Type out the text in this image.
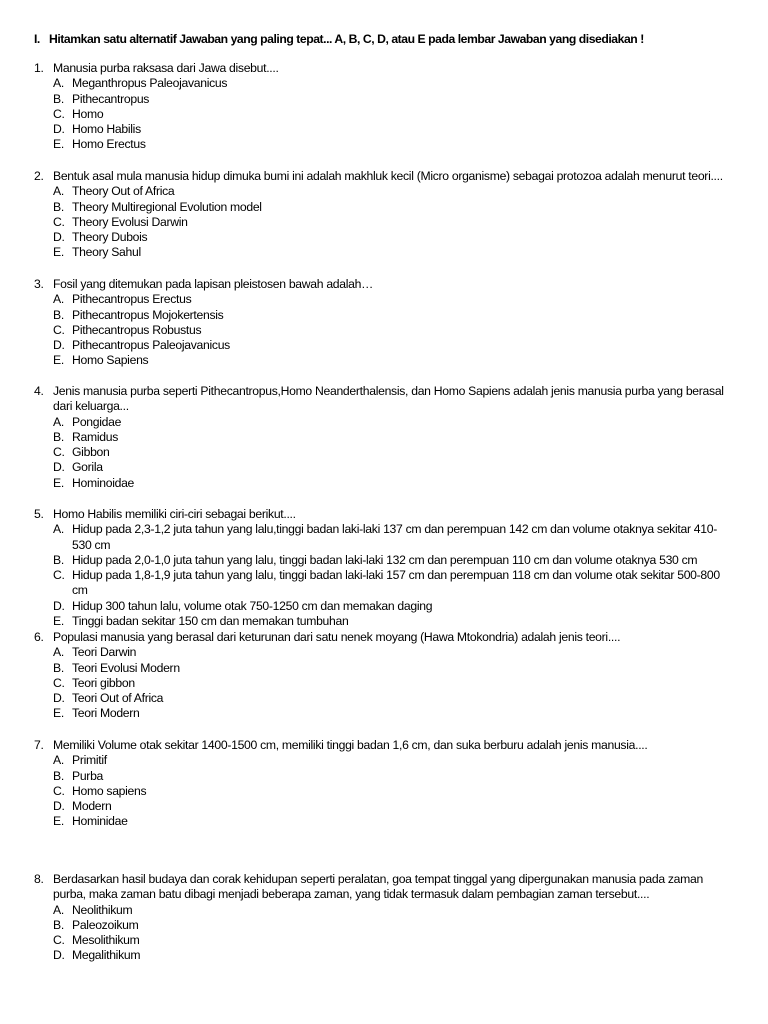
I. Hitamkan satu alternatif Jawaban yang paling tepat... A, B, C, D, atau E pada lembar Jawaban yang disediakan !
1. Manusia purba raksasa dari Jawa disebut....
A. Meganthropus Paleojavanicus
B. Pithecantropus
C. Homo
D. Homo Habilis
E. Homo Erectus
2. Bentuk asal mula manusia hidup dimuka bumi ini adalah makhluk kecil (Micro organisme) sebagai protozoa adalah menurut teori....
A. Theory Out of Africa
B. Theory Multiregional Evolution model
C. Theory Evolusi Darwin
D. Theory Dubois
E. Theory Sahul
3. Fosil yang ditemukan pada lapisan pleistosen bawah adalah…
A. Pithecantropus Erectus
B. Pithecantropus Mojokertensis
C. Pithecantropus Robustus
D. Pithecantropus Paleojavanicus
E. Homo Sapiens
4. Jenis manusia purba seperti Pithecantropus,Homo Neanderthalensis, dan Homo Sapiens adalah jenis manusia purba yang berasal dari keluarga...
A. Pongidae
B. Ramidus
C. Gibbon
D. Gorila
E. Hominoidae
5. Homo Habilis memiliki ciri-ciri sebagai berikut....
A. Hidup pada 2,3-1,2 juta tahun yang lalu,tinggi badan laki-laki 137 cm dan perempuan 142 cm dan volume otaknya sekitar 410-530 cm
B. Hidup pada 2,0-1,0 juta tahun yang lalu, tinggi badan laki-laki 132 cm dan perempuan 110 cm dan volume otaknya 530 cm
C. Hidup pada 1,8-1,9 juta tahun yang lalu, tinggi badan laki-laki 157 cm dan perempuan 118 cm dan volume otak sekitar 500-800 cm
D. Hidup 300 tahun lalu, volume otak 750-1250 cm dan memakan daging
E. Tinggi badan sekitar 150 cm dan memakan tumbuhan
6. Populasi manusia yang berasal dari keturunan dari satu nenek moyang (Hawa Mtokondria) adalah jenis teori....
A. Teori Darwin
B. Teori Evolusi Modern
C. Teori gibbon
D. Teori Out of Africa
E. Teori Modern
7. Memiliki Volume otak sekitar 1400-1500 cm, memiliki tinggi badan 1,6 cm, dan suka berburu adalah jenis manusia....
A. Primitif
B. Purba
C. Homo sapiens
D. Modern
E. Hominidae
8. Berdasarkan hasil budaya dan corak kehidupan seperti peralatan, goa tempat tinggal yang dipergunakan manusia pada zaman purba, maka zaman batu dibagi menjadi beberapa zaman, yang tidak termasuk dalam pembagian zaman tersebut....
A. Neolithikum
B. Paleozoikum
C. Mesolithikum
D. Megalithikum
